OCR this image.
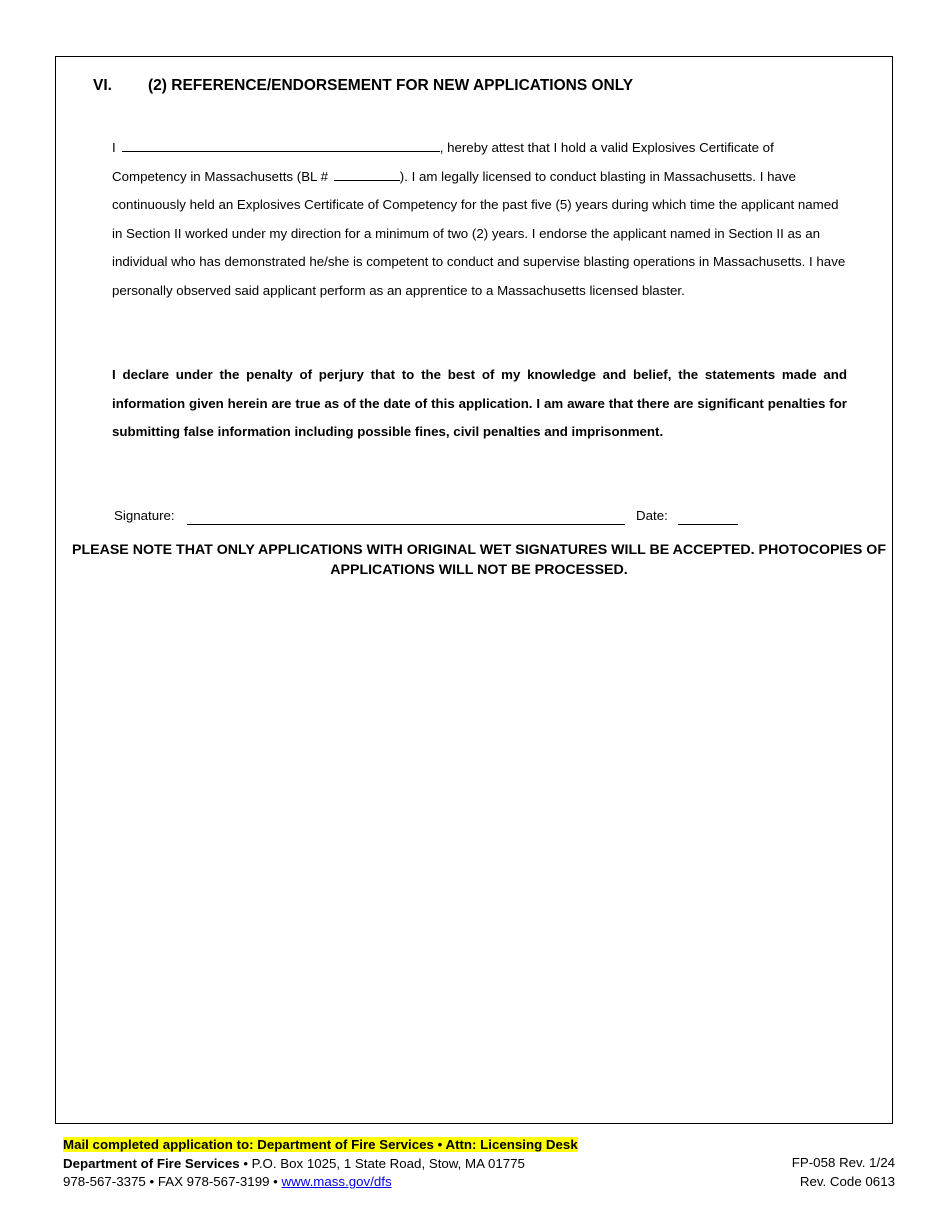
VI. (2) REFERENCE/ENDORSEMENT FOR NEW APPLICATIONS ONLY
I	, hereby attest that I hold a valid Explosives Certificate of Competency in Massachusetts (BL #	). I am legally licensed to conduct blasting in Massachusetts. I have continuously held an Explosives Certificate of Competency for the past five (5) years during which time the applicant named in Section II worked under my direction for a minimum of two (2) years. I endorse the applicant named in Section II as an individual who has demonstrated he/she is competent to conduct and supervise blasting operations in Massachusetts. I have personally observed said applicant perform as an apprentice to a Massachusetts licensed blaster.
I declare under the penalty of perjury that to the best of my knowledge and belief, the statements made and information given herein are true as of the date of this application. I am aware that there are significant penalties for submitting false information including possible fines, civil penalties and imprisonment.
Signature:	Date:
PLEASE NOTE THAT ONLY APPLICATIONS WITH ORIGINAL WET SIGNATURES WILL BE ACCEPTED. PHOTOCOPIES OF APPLICATIONS WILL NOT BE PROCESSED.
Mail completed application to: Department of Fire Services • Attn: Licensing Desk
Department of Fire Services • P.O. Box 1025, 1 State Road, Stow, MA 01775
978-567-3375 • FAX 978-567-3199 • www.mass.gov/dfs
FP-058 Rev. 1/24
Rev. Code 0613
